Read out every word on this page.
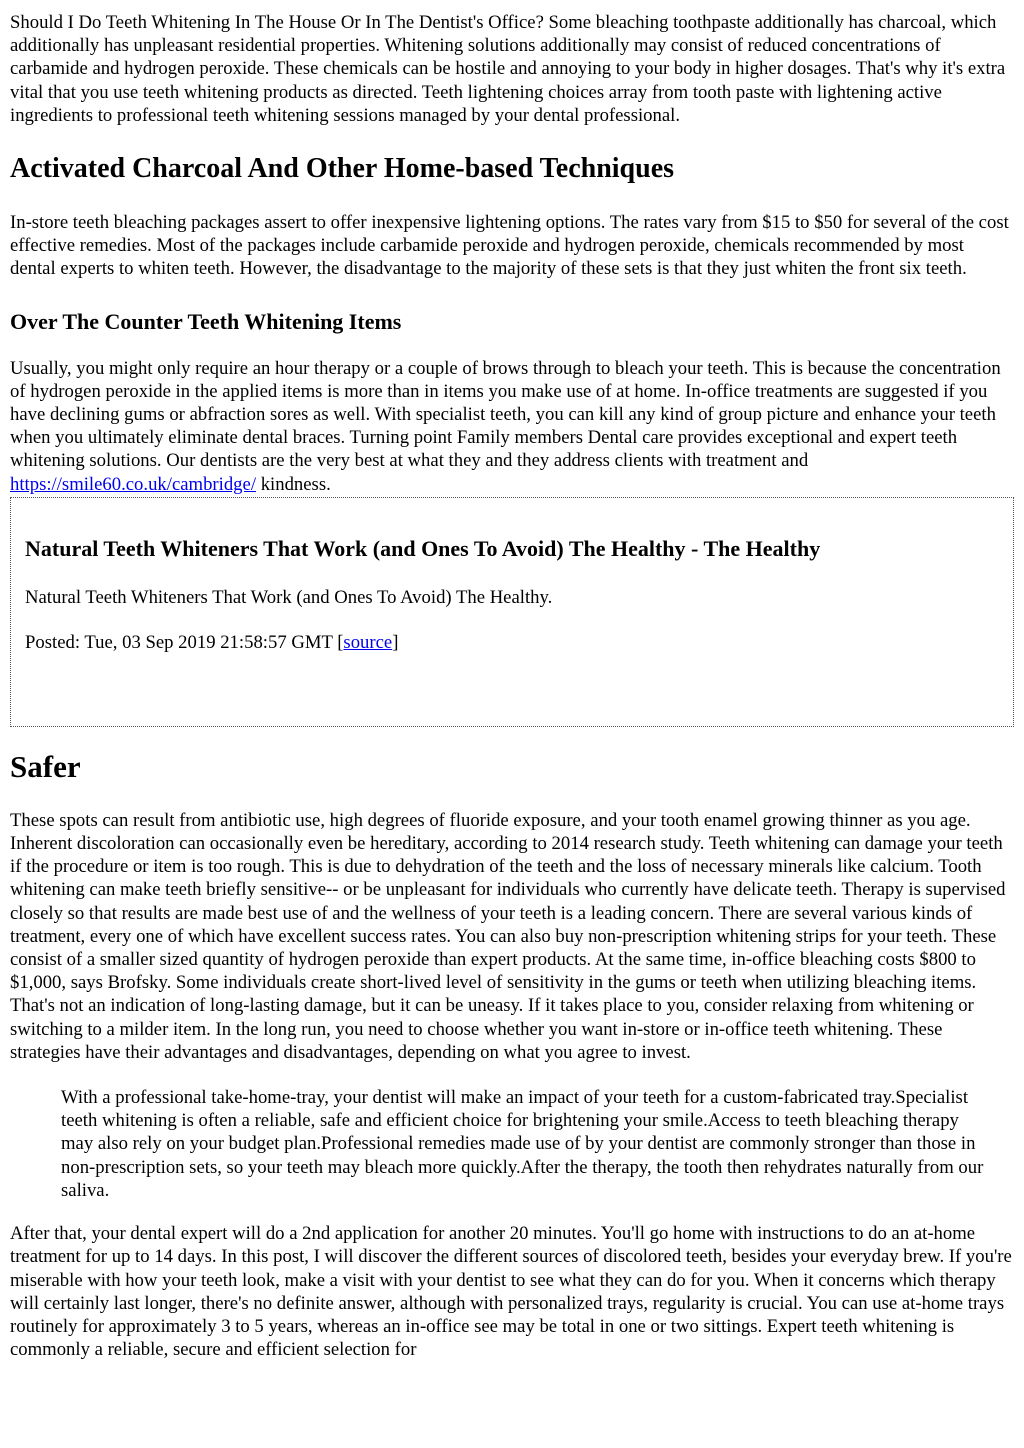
Should I Do Teeth Whitening In The House Or In The Dentist's Office? Some bleaching toothpaste additionally has charcoal, which additionally has unpleasant residential properties. Whitening solutions additionally may consist of reduced concentrations of carbamide and hydrogen peroxide. These chemicals can be hostile and annoying to your body in higher dosages. That's why it's extra vital that you use teeth whitening products as directed. Teeth lightening choices array from tooth paste with lightening active ingredients to professional teeth whitening sessions managed by your dental professional.

Activated Charcoal And Other Home-based Techniques

In-store teeth bleaching packages assert to offer inexpensive lightening options. The rates vary from $15 to $50 for several of the cost effective remedies. Most of the packages include carbamide peroxide and hydrogen peroxide, chemicals recommended by most dental experts to whiten teeth. However, the disadvantage to the majority of these sets is that they just whiten the front six teeth.

Over The Counter Teeth Whitening Items

Usually, you might only require an hour therapy or a couple of brows through to bleach your teeth. This is because the concentration of hydrogen peroxide in the applied items is more than in items you make use of at home. In-office treatments are suggested if you have declining gums or abfraction sores as well. With specialist teeth, you can kill any kind of group picture and enhance your teeth when you ultimately eliminate dental braces. Turning point Family members Dental care provides exceptional and expert teeth whitening solutions. Our dentists are the very best at what they and they address clients with treatment and https://smile60.co.uk/cambridge/ kindness.

Natural Teeth Whiteners That Work (and Ones To Avoid) The Healthy - The Healthy

Natural Teeth Whiteners That Work (and Ones To Avoid) The Healthy.

Posted: Tue, 03 Sep 2019 21:58:57 GMT [source]

Safer

These spots can result from antibiotic use, high degrees of fluoride exposure, and your tooth enamel growing thinner as you age. Inherent discoloration can occasionally even be hereditary, according to 2014 research study. Teeth whitening can damage your teeth if the procedure or item is too rough. This is due to dehydration of the teeth and the loss of necessary minerals like calcium. Tooth whitening can make teeth briefly sensitive-- or be unpleasant for individuals who currently have delicate teeth. Therapy is supervised closely so that results are made best use of and the wellness of your teeth is a leading concern. There are several various kinds of treatment, every one of which have excellent success rates. You can also buy non-prescription whitening strips for your teeth. These consist of a smaller sized quantity of hydrogen peroxide than expert products. At the same time, in-office bleaching costs $800 to $1,000, says Brofsky. Some individuals create short-lived level of sensitivity in the gums or teeth when utilizing bleaching items. That's not an indication of long-lasting damage, but it can be uneasy. If it takes place to you, consider relaxing from whitening or switching to a milder item. In the long run, you need to choose whether you want in-store or in-office teeth whitening. These strategies have their advantages and disadvantages, depending on what you agree to invest.

With a professional take-home-tray, your dentist will make an impact of your teeth for a custom-fabricated tray.Specialist teeth whitening is often a reliable, safe and efficient choice for brightening your smile.Access to teeth bleaching therapy may also rely on your budget plan.Professional remedies made use of by your dentist are commonly stronger than those in non-prescription sets, so your teeth may bleach more quickly.After the therapy, the tooth then rehydrates naturally from our saliva.

After that, your dental expert will do a 2nd application for another 20 minutes. You'll go home with instructions to do an at-home treatment for up to 14 days. In this post, I will discover the different sources of discolored teeth, besides your everyday brew. If you're miserable with how your teeth look, make a visit with your dentist to see what they can do for you. When it concerns which therapy will certainly last longer, there's no definite answer, although with personalized trays, regularity is crucial. You can use at-home trays routinely for approximately 3 to 5 years, whereas an in-office see may be total in one or two sittings. Expert teeth whitening is commonly a reliable, secure and efficient selection for
